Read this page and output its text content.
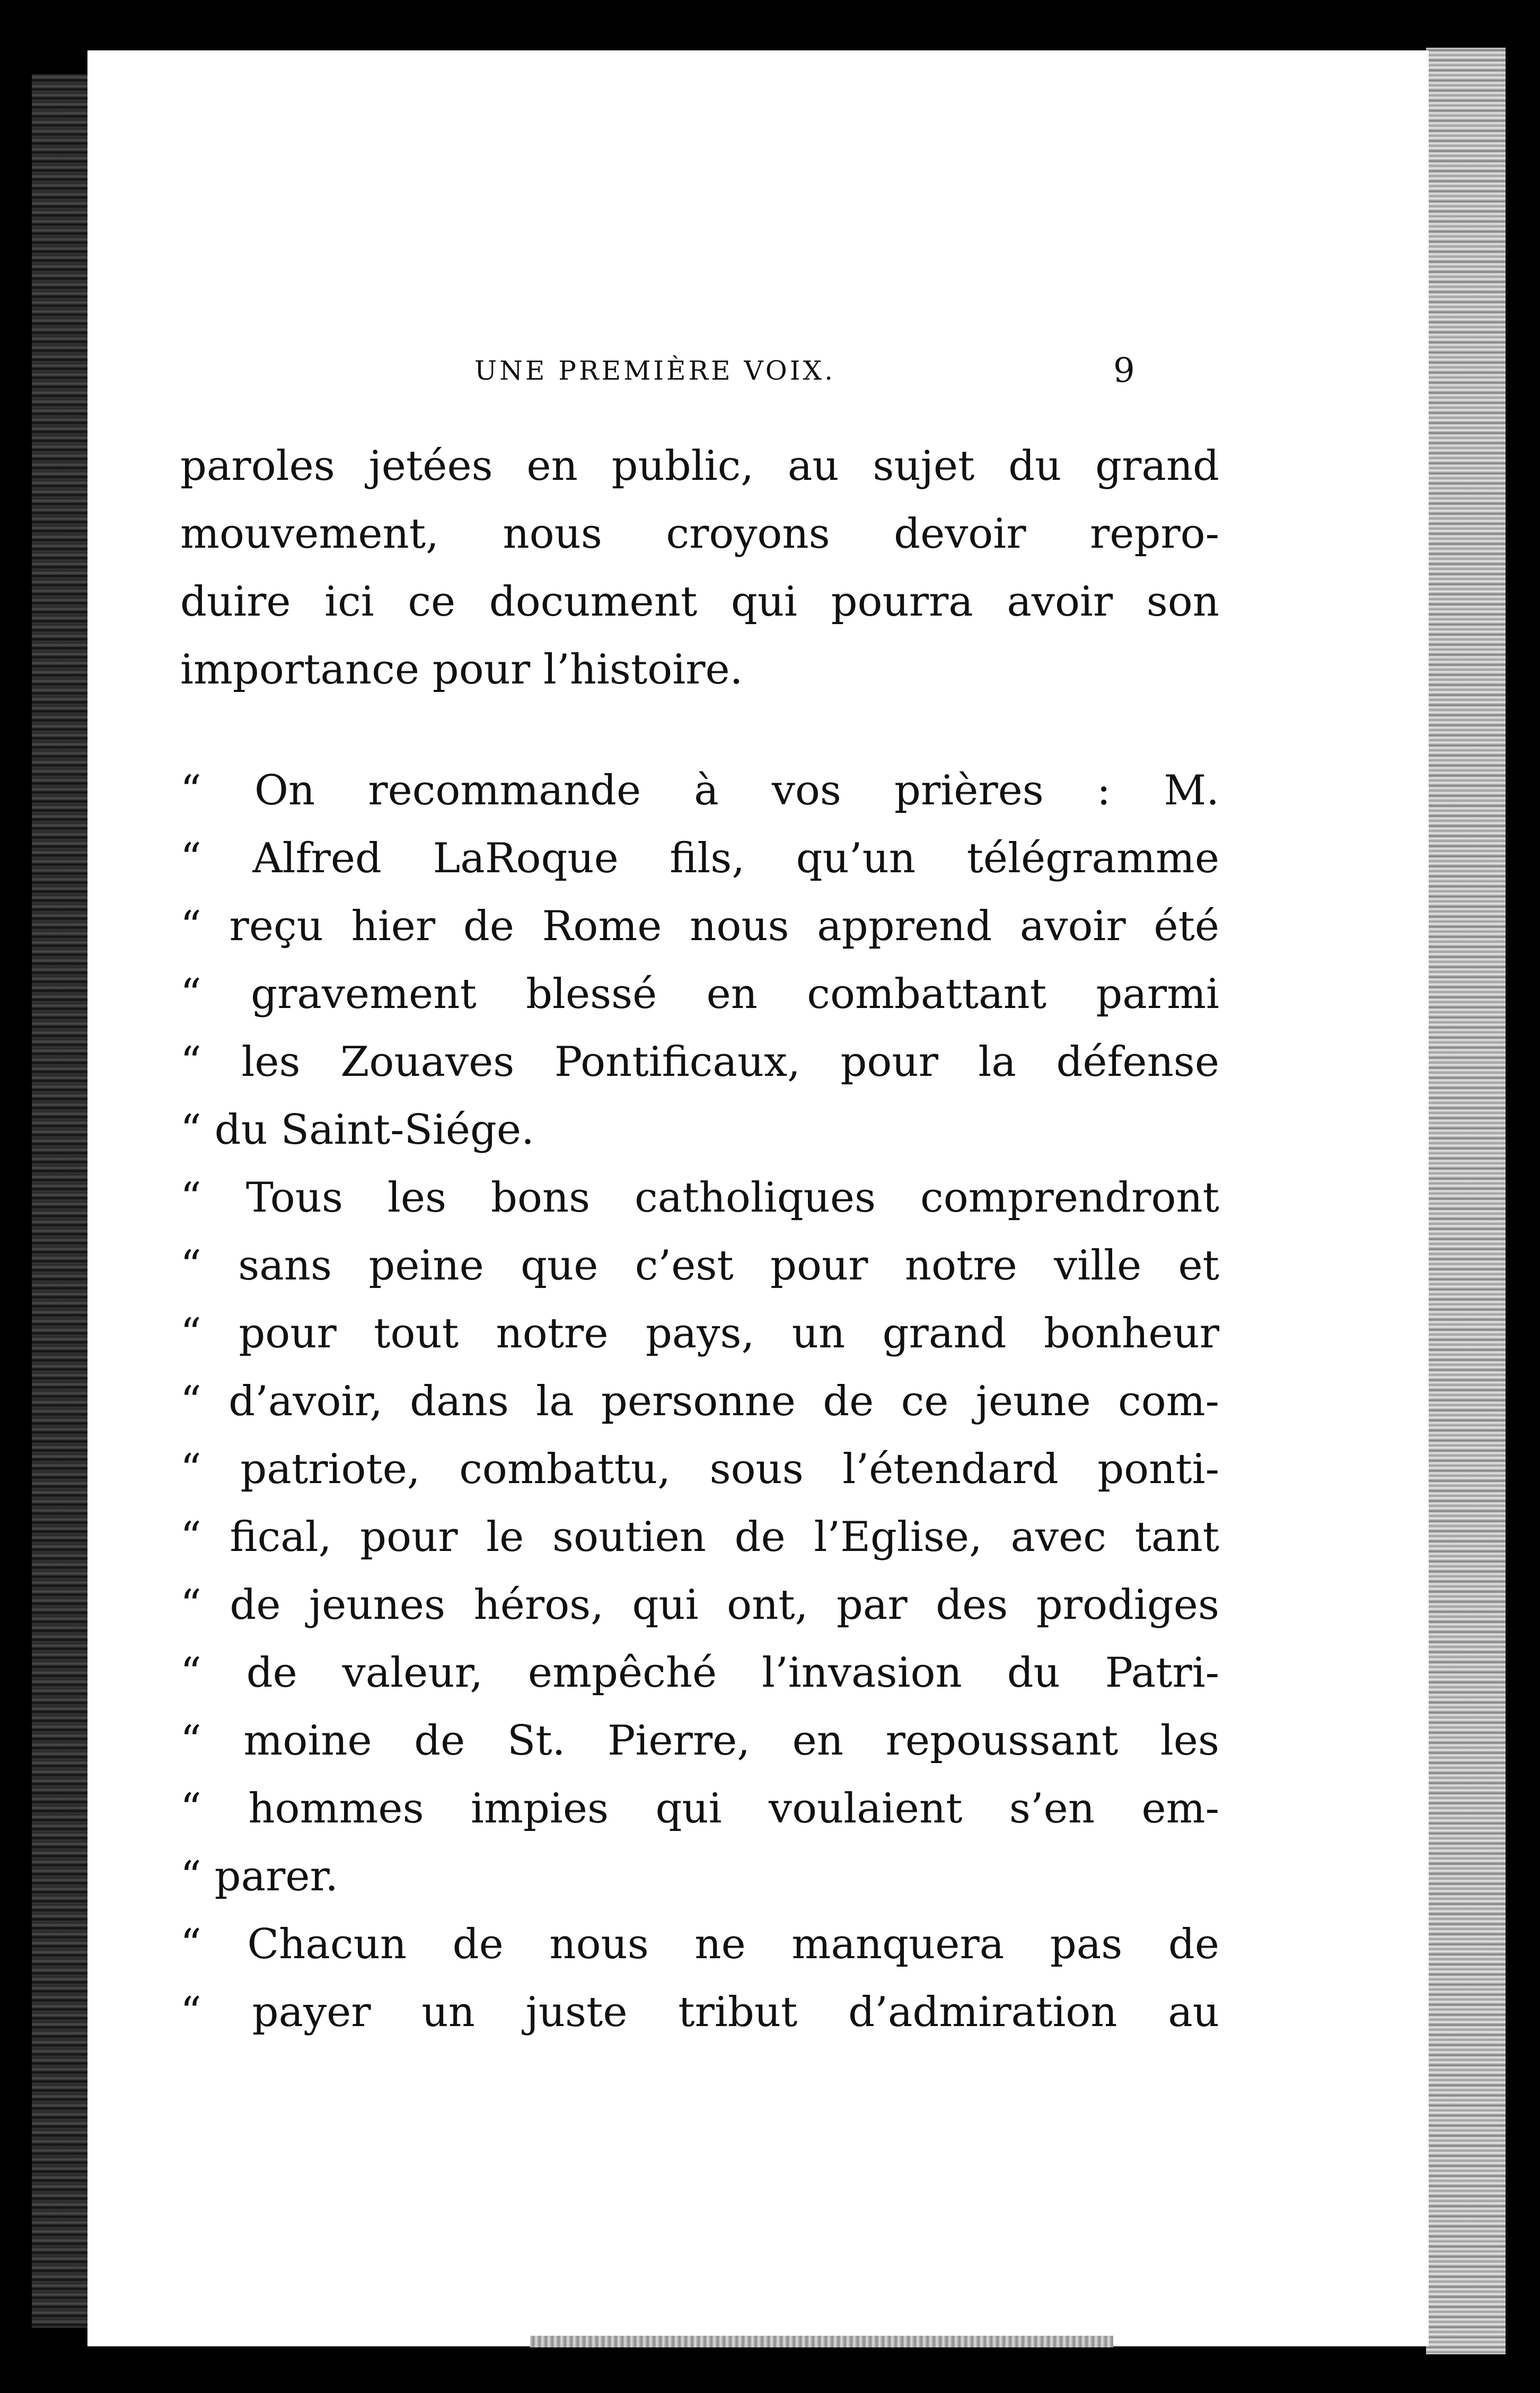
UNE PREMIÈRE VOIX.	9
paroles jetées en public, au sujet du grand
mouvement, nous croyons devoir repro-
duire ici ce document qui pourra avoir son
importance pour l’histoire.
“ On recommande à vos prières : M.
“ Alfred LaRoque fils, qu’un télégramme
“ reçu hier de Rome nous apprend avoir été
“ gravement blessé en combattant parmi
“ les Zouaves Pontificaux, pour la défense
“ du Saint-Siége.
“ Tous les bons catholiques comprendront
“ sans peine que c’est pour notre ville et
“ pour tout notre pays, un grand bonheur
“ d’avoir, dans la personne de ce jeune com-
“ patriote, combattu, sous l’étendard ponti-
“ fical, pour le soutien de l’Eglise, avec tant
“ de jeunes héros, qui ont, par des prodiges
“ de valeur, empêché l’invasion du Patri-
“ moine de St. Pierre, en repoussant les
“ hommes impies qui voulaient s’en em-
“ parer.
“ Chacun de nous ne manquera pas de
“ payer un juste tribut d’admiration au
